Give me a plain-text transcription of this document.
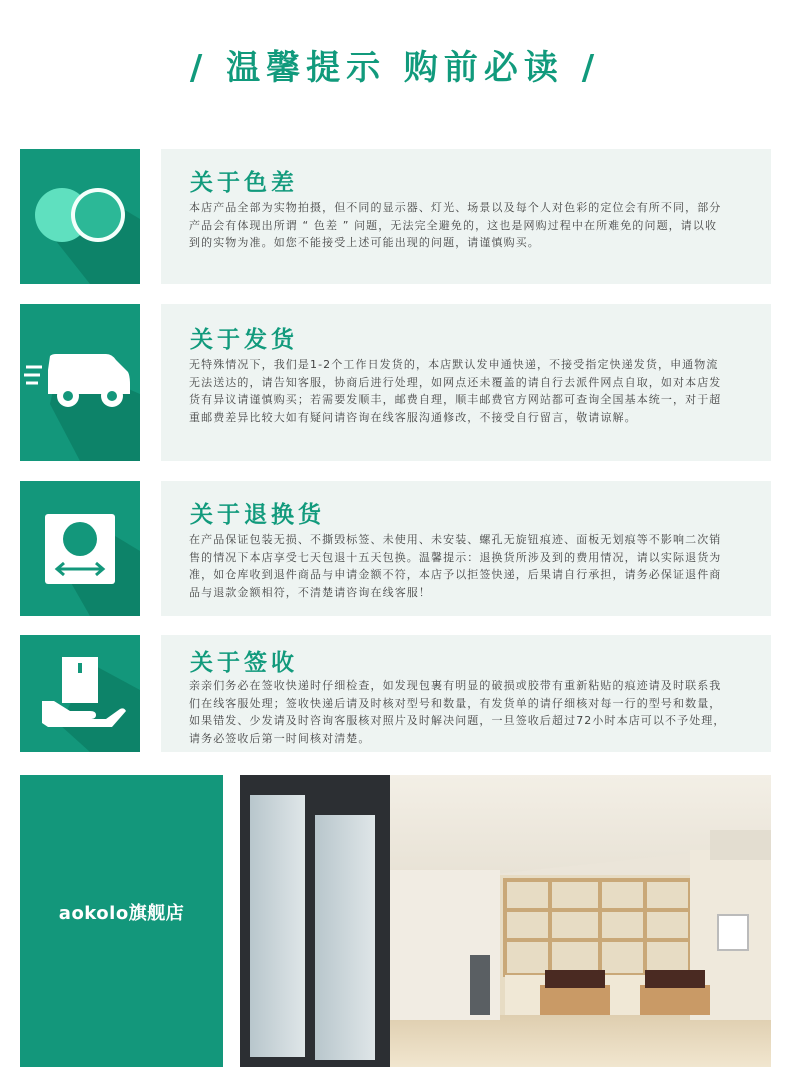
/ 温馨提示 购前必读 /
关于色差
本店产品全部为实物拍摄，但不同的显示器、灯光、场景以及每个人对色彩的定位会有所不同，部分产品会有体现出所谓 “ 色差 ” 问题，无法完全避免的，这也是网购过程中在所难免的问题，请以收到的实物为准。如您不能接受上述可能出现的问题，请谨慎购买。
关于发货
无特殊情况下，我们是1-2个工作日发货的，本店默认发申通快递，不接受指定快递发货，申通物流无法送达的，请告知客服，协商后进行处理，如网点还未覆盖的请自行去派件网点自取，如对本店发货有异议请谨慎购买；若需要发顺丰，邮费自理，顺丰邮费官方网站都可查询全国基本统一，对于超重邮费差异比较大如有疑问请咨询在线客服沟通修改，不接受自行留言，敬请谅解。
关于退换货
在产品保证包装无损、不撕毁标签、未使用、未安装、螺孔无旋钮痕迹、面板无划痕等不影响二次销售的情况下本店享受七天包退十五天包换。温馨提示：退换货所涉及到的费用情况，请以实际退货为准，如仓库收到退件商品与申请金额不符，本店予以拒签快递，后果请自行承担，请务必保证退件商品与退款金额相符，不清楚请咨询在线客服！
关于签收
亲亲们务必在签收快递时仔细检查，如发现包裹有明显的破损或胶带有重新粘贴的痕迹请及时联系我们在线客服处理；签收快递后请及时核对型号和数量，有发货单的请仔细核对每一行的型号和数量，如果错发、少发请及时咨询客服核对照片及时解决问题，一旦签收后超过72小时本店可以不予处理，请务必签收后第一时间核对清楚。
aokolo旗舰店
